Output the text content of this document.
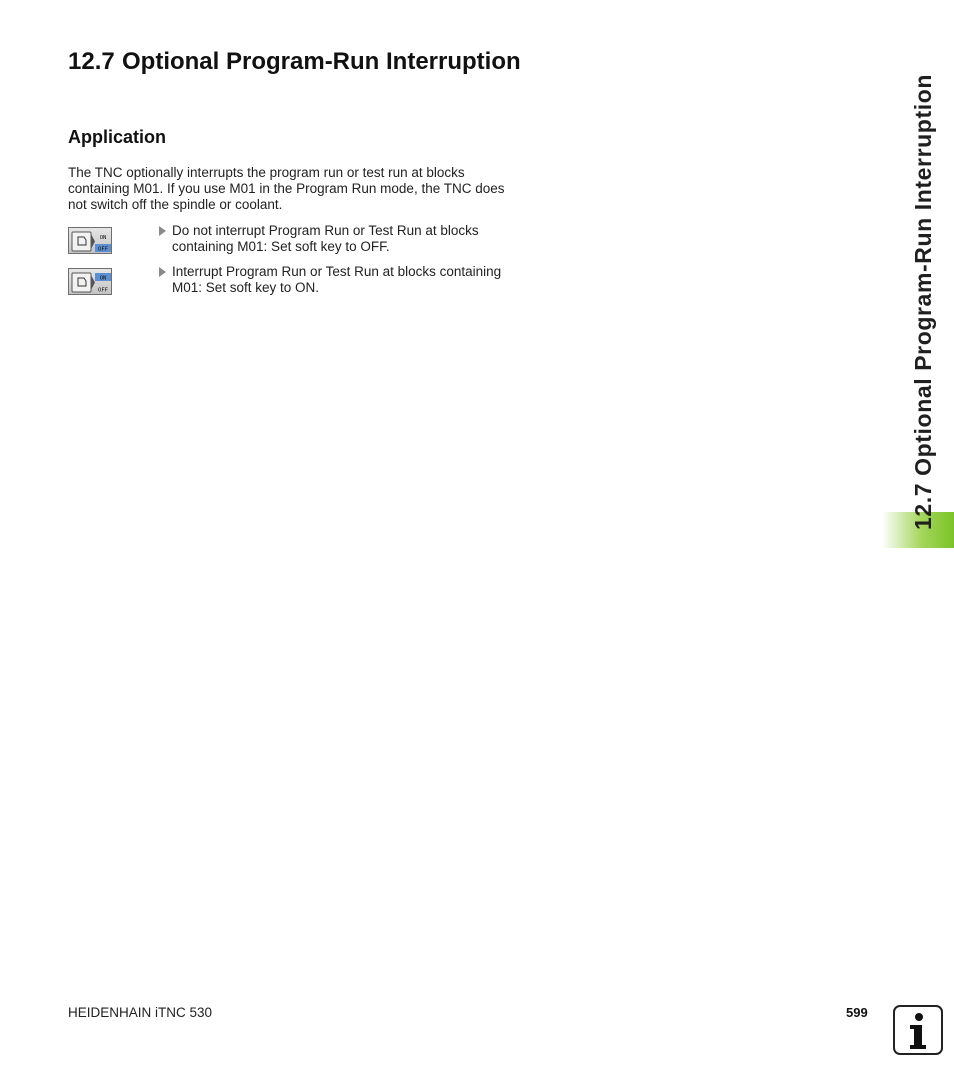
12.7 Optional Program-Run Interruption
Application

The TNC optionally interrupts the program run or test run at blocks containing M01. If you use M01 in the Program Run mode, the TNC does not switch off the spindle or coolant.

ON
OFF
Do not interrupt Program Run or Test Run at blocks containing M01: Set soft key to OFF.
ON
OFF
Interrupt Program Run or Test Run at blocks containing M01: Set soft key to ON.	12.7 Optional Program-Run Interruption
HEIDENHAIN iTNC 530	599
